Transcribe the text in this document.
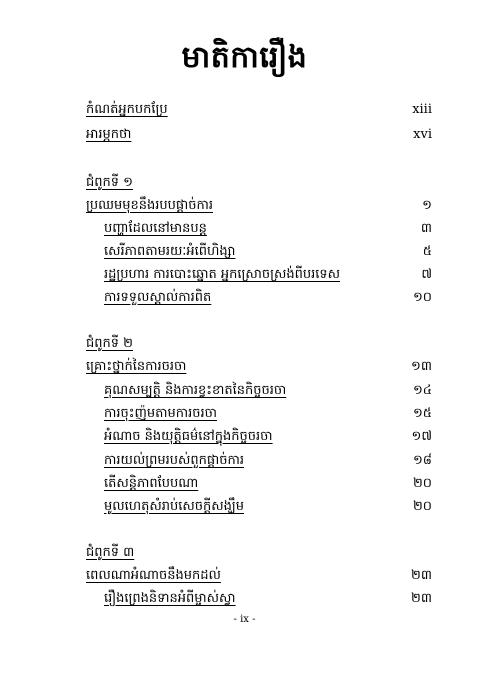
មាតិការឿង
កំណត់អ្នកបកប្រែ	xiii
អារម្ភកថា	xvi
ជំពូកទី ១
ប្រឈមមុខនឹងរបបផ្តាច់ការ	១
បញ្ហាដែលនៅមានបន្ត	៣
សេរីភាពតាមរយៈអំពើហិង្សា	៥
រដ្ឋប្រហារ ការបោះឆ្នោត អ្នកស្រោចស្រង់ពីបរទេស	៧
ការទទួលស្គាល់ការពិត	១០
ជំពូកទី ២
គ្រោះថ្នាក់នៃការចរចា	១៣
គុណសម្បត្តិ និងការខ្វះខាតនៃកិច្ចចរចា	១៤
ការចុះញ៉មតាមការចរចា	១៥
អំណាច និងយុត្តិធម៌នៅក្នុងកិច្ចចរចា	១៧
ការយល់ព្រមរបស់ពួកផ្តាច់ការ	១៨
តើសន្តិភាពបែបណា	២០
មូលហេតុសំរាប់សេចក្តីសង្ឃឹម	២០
ជំពូកទី ៣
ពេលណាអំណាចនឹងមកដល់	២៣
រឿងព្រេងនិទានអំពីម្ចាស់ស្វា	២៣
- ix -
